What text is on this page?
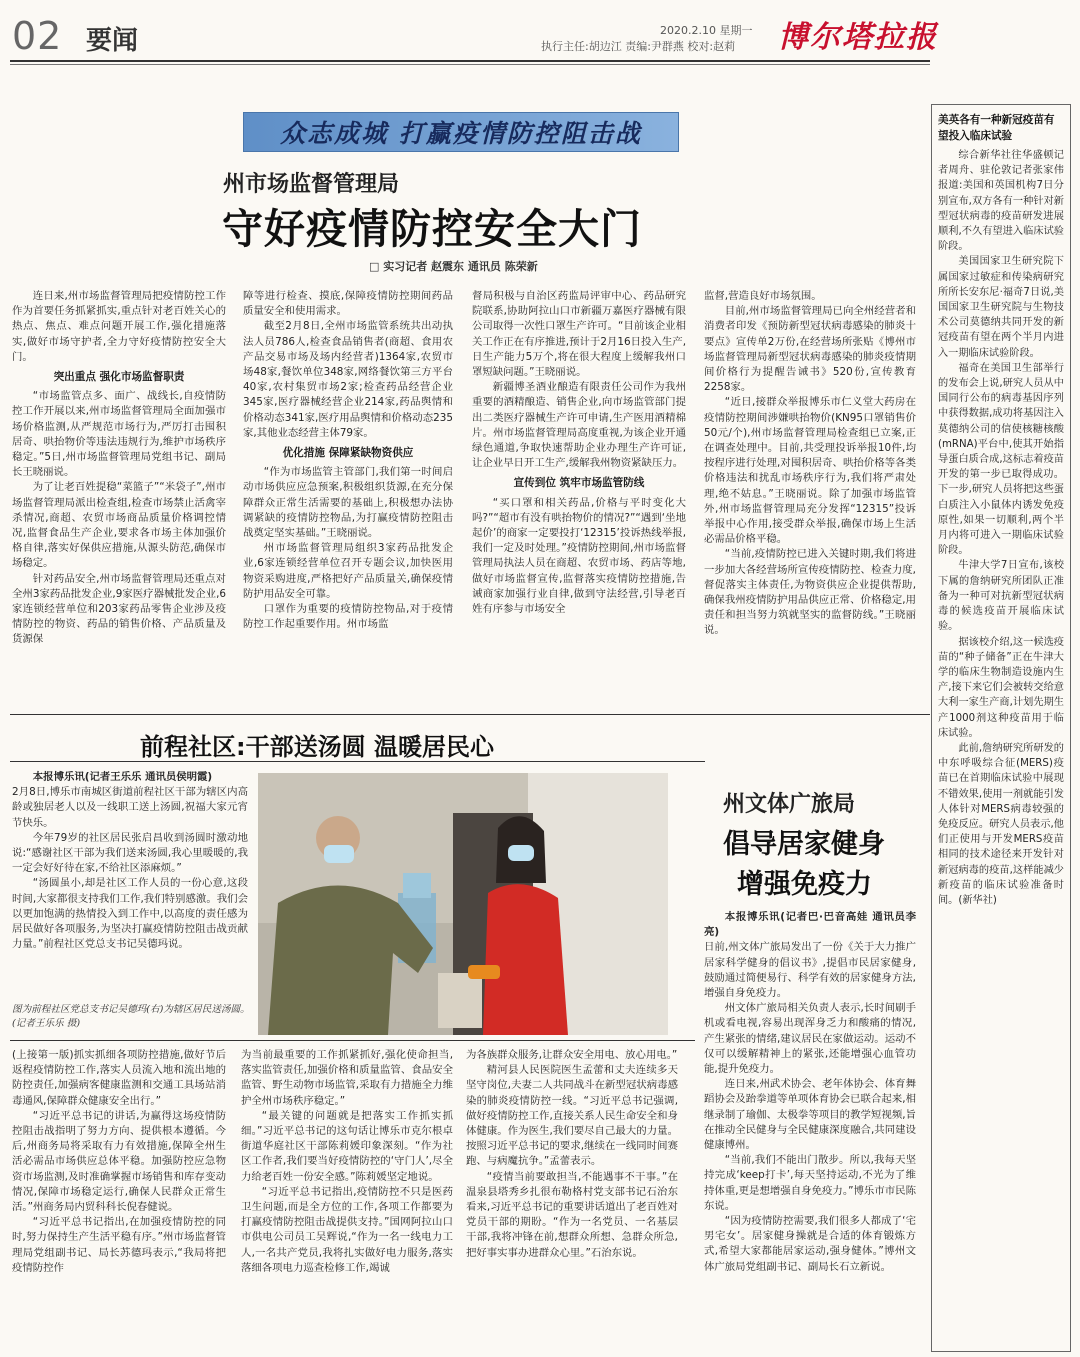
02 要闻	2020.2.10 星期一
执行主任:胡边江 责编:尹群燕 校对:赵莉 博尔塔拉报
众志成城 打赢疫情防控阻击战
州市场监督管理局
守好疫情防控安全大门
□ 实习记者 赵震东 通讯员 陈荣新

连日来,州市场监督管理局把疫情防控工作作为首要任务抓紧抓实,重点针对老百姓关心的热点、焦点、难点问题开展工作,强化措施落实,做好市场守护者,全力守好疫情防控安全大门。

突出重点 强化市场监督职责

“市场监管点多、面广、战线长,自疫情防控工作开展以来,州市场监督管理局全面加强市场价格监测,从严规范市场行为,严厉打击囤积居奇、哄抬物价等违法违规行为,维护市场秩序稳定。”5日,州市场监督管理局党组书记、副局长王晓丽说。

为了让老百姓提稳“菜篮子”“米袋子”,州市场监督管理局派出检查组,检查市场禁止活禽宰杀情况,商超、农贸市场商品质量价格调控情况,监督食品生产企业,要求各市场主体加强价格自律,落实好保供应措施,从源头防范,确保市场稳定。

针对药品安全,州市场监督管理局还重点对全州3家药品批发企业,9家医疗器械批发企业,6家连锁经营单位和203家药品零售企业涉及疫情防控的物资、药品的销售价格、产品质量及货源保

障等进行检查、摸底,保障疫情防控期间药品质量安全和使用需求。

截至2月8日,全州市场监管系统共出动执法人员786人,检查食品销售者(商超、食用农产品交易市场及场内经营者)1364家,农贸市场48家,餐饮单位348家,网络餐饮第三方平台40家,农村集贸市场2家;检查药品经营企业345家,医疗器械经营企业214家,药品舆情和价格动态341家,医疗用品舆情和价格动态235家,其他业态经营主体79家。

优化措施 保障紧缺物资供应

“作为市场监管主管部门,我们第一时间启动市场供应应急预案,积极组织货源,在充分保障群众正常生活需要的基础上,积极想办法协调紧缺的疫情防控物品,为打赢疫情防控阻击战奠定坚实基础。”王晓丽说。

州市场监督管理局组织3家药品批发企业,6家连锁经营单位召开专题会议,加快医用物资采购进度,严格把好产品质量关,确保疫情防护用品安全可靠。

口罩作为重要的疫情防控物品,对于疫情防控工作起重要作用。州市场监

督局积极与自治区药监局评审中心、药品研究院联系,协助阿拉山口市新疆万嘉医疗器械有限公司取得一次性口罩生产许可。“目前该企业相关工作正在有序推进,预计于2月16日投入生产,日生产能力5万个,将在很大程度上缓解我州口罩短缺问题。”王晓丽说。

新疆博圣酒业酿造有限责任公司作为我州重要的酒精酿造、销售企业,向市场监管部门提出二类医疗器械生产许可申请,生产医用酒精棉片。州市场监督管理局高度重视,为该企业开通绿色通道,争取快速帮助企业办理生产许可证,让企业早日开工生产,缓解我州物资紧缺压力。

宣传到位 筑牢市场监管防线

“买口罩和相关药品,价格与平时变化大吗?”“超市有没有哄抬物价的情况?”“遇到‘坐地起价’的商家一定要投打‘12315’投诉热线举报,我们一定及时处理。”疫情防控期间,州市场监督管理局执法人员在商超、农贸市场、药店等地,做好市场监督宣传,监督落实疫情防控措施,告诫商家加强行业自律,做到守法经营,引导老百姓有序参与市场安全

监督,营造良好市场氛围。

目前,州市场监督管理局已向全州经营者和消费者印发《预防新型冠状病毒感染的肺炎十要点》宣传单2万份,在经营场所张贴《博州市场监督管理局新型冠状病毒感染的肺炎疫情期间价格行为提醒告诫书》520份,宣传教育2258家。

“近日,接群众举报博乐市仁义堂大药房在疫情防控期间涉嫌哄抬物价(KN95口罩销售价50元/个),州市场监督管理局检查组已立案,正在调查处理中。目前,共受理投诉举报10件,均按程序进行处理,对囤积居奇、哄抬价格等各类价格违法和扰乱市场秩序行为,我们将严肃处理,绝不姑息。”王晓丽说。除了加强市场监管外,州市场监督管理局充分发挥“12315”投诉举报中心作用,接受群众举报,确保市场上生活必需品价格平稳。

“当前,疫情防控已进入关键时期,我们将进一步加大各经营场所宣传疫情防控、检查力度,督促落实主体责任,为物资供应企业提供帮助,确保我州疫情防护用品供应正常、价格稳定,用责任和担当努力筑就坚实的监督防线。”王晓丽说。

前程社区:干部送汤圆 温暖居民心

本报博乐讯(记者王乐乐 通讯员侯明霞)

2月8日,博乐市南城区街道前程社区干部为辖区内高龄或独居老人以及一线职工送上汤圆,祝福大家元宵节快乐。

今年79岁的社区居民张启昌收到汤圆时激动地说:“感谢社区干部为我们送来汤圆,我心里暖暖的,我一定会好好待在家,不给社区添麻烦。”

“汤圆虽小,却是社区工作人员的一份心意,这段时间,大家都很支持我们工作,我们特别感激。我们会以更加饱满的热情投入到工作中,以高度的责任感为居民做好各项服务,为坚决打赢疫情防控阻击战贡献力量。”前程社区党总支书记吴德玛说。

图为前程社区党总支书记吴德玛(右)为辖区居民送汤圆。 (记者王乐乐 摄)
州文体广旅局
倡导居家健身
增强免疫力

本报博乐讯(记者巴·巴音高娃 通讯员李亮)

日前,州文体广旅局发出了一份《关于大力推广居家科学健身的倡议书》,提倡市民居家健身,鼓励通过简便易行、科学有效的居家健身方法,增强自身免疫力。

州文体广旅局相关负责人表示,长时间刷手机或看电视,容易出现浑身乏力和酸痛的情况,产生紧张的情绪,建议居民在家做运动。运动不仅可以缓解精神上的紧张,还能增强心血管功能,提升免疫力。

连日来,州武术协会、老年体协会、体育舞蹈协会及跆拳道等单项体育协会已联合起来,相继录制了瑜伽、太极拳等项目的教学短视频,旨在推动全民健身与全民健康深度融合,共同建设健康博州。

“当前,我们不能出门散步。所以,我每天坚持完成‘keep打卡’,每天坚持运动,不光为了维持体重,更是想增强自身免疫力。”博乐市市民陈东说。

“因为疫情防控需要,我们很多人都成了‘宅男宅女’。居家健身操就是合适的体育锻炼方式,希望大家都能居家运动,强身健体。”博州文体广旅局党组副书记、副局长石立新说。

(上接第一版)抓实抓细各项防控措施,做好节后返程疫情防控工作,落实人员流入地和流出地的防控责任,加强病客健康监测和交通工具场站消毒通风,保障群众健康安全出行。”

“习近平总书记的讲话,为赢得这场疫情防控阻击战指明了努力方向、提供根本遵循。今后,州商务局将采取有力有效措施,保障全州生活必需品市场供应总体平稳。加强防控应急物资市场监测,及时准确掌握市场销售和库存变动情况,保障市场稳定运行,确保人民群众正常生活。”州商务局内贸科科长倪春健说。

“习近平总书记指出,在加强疫情防控的同时,努力保持生产生活平稳有序。”州市场监督管理局党组副书记、局长苏德玛表示,“我局将把疫情防控作

为当前最重要的工作抓紧抓好,强化使命担当,落实监管责任,加强价格和质量监管、食品安全监管、野生动物市场监管,采取有力措施全力维护全州市场秩序稳定。”

“最关键的问题就是把落实工作抓实抓细。”习近平总书记的这句话让博乐市克尔根卓街道华庭社区干部陈莉媛印象深刻。“作为社区工作者,我们要当好疫情防控的‘守门人’,尽全力给老百姓一份安全感。”陈莉媛坚定地说。

“习近平总书记指出,疫情防控不只是医药卫生问题,而是全方位的工作,各项工作都要为打赢疫情防控阻击战提供支持。”国网阿拉山口市供电公司员工吴辉说,“作为一名一线电力工人,一名共产党员,我将扎实做好电力服务,落实落细各项电力巡查检修工作,竭诚

为各族群众服务,让群众安全用电、放心用电。”

精河县人民医院医生孟蕾和丈夫连续多天坚守岗位,夫妻二人共同战斗在新型冠状病毒感染的肺炎疫情防控一线。“习近平总书记强调,做好疫情防控工作,直接关系人民生命安全和身体健康。作为医生,我们要尽自己最大的力量。按照习近平总书记的要求,继续在一线同时间赛跑、与病魔抗争。”孟蕾表示。

“疫情当前要敢担当,不能遇事不干事。”在温泉县塔秀乡扎很布勒格村党支部书记石治东看来,习近平总书记的重要讲话道出了老百姓对党员干部的期盼。“作为一名党员、一名基层干部,我将冲锋在前,想群众所想、急群众所急,把好事实事办进群众心里。”石治东说。

美英各有一种新冠疫苗有望投入临床试验

综合新华社往华盛顿记者周舟、驻伦敦记者张家伟报道:美国和英国机构7日分别宣布,双方各有一种针对新型冠状病毒的疫苗研发进展顺利,不久有望进入临床试验阶段。

美国国家卫生研究院下属国家过敏症和传染病研究所所长安东尼·福奇7日说,美国国家卫生研究院与生物技术公司莫德纳共同开发的新冠疫苗有望在两个半月内进入一期临床试验阶段。

福奇在美国卫生部举行的发布会上说,研究人员从中国同行公布的病毒基因序列中获得数据,成功将基因注入莫德纳公司的信使核糖核酸(mRNA)平台中,使其开始指导蛋白质合成,这标志着疫苗开发的第一步已取得成功。下一步,研究人员将把这些蛋白质注入小鼠体内诱发免疫原性,如果一切顺利,两个半月内将可进入一期临床试验阶段。

牛津大学7日宣布,该校下属的詹纳研究所团队正准备为一种可对抗新型冠状病毒的候选疫苗开展临床试验。

据该校介绍,这一候选疫苗的“种子储备”正在牛津大学的临床生物制造设施内生产,接下来它们会被转交给意大利一家生产商,计划先期生产1000剂这种疫苗用于临床试验。

此前,詹纳研究所研发的中东呼吸综合征(MERS)疫苗已在首期临床试验中展现不错效果,使用一剂就能引发人体针对MERS病毒较强的免疫反应。研究人员表示,他们正使用与开发MERS疫苗相同的技术途径来开发针对新冠病毒的疫苗,这样能减少新疫苗的临床试验准备时间。(新华社)
